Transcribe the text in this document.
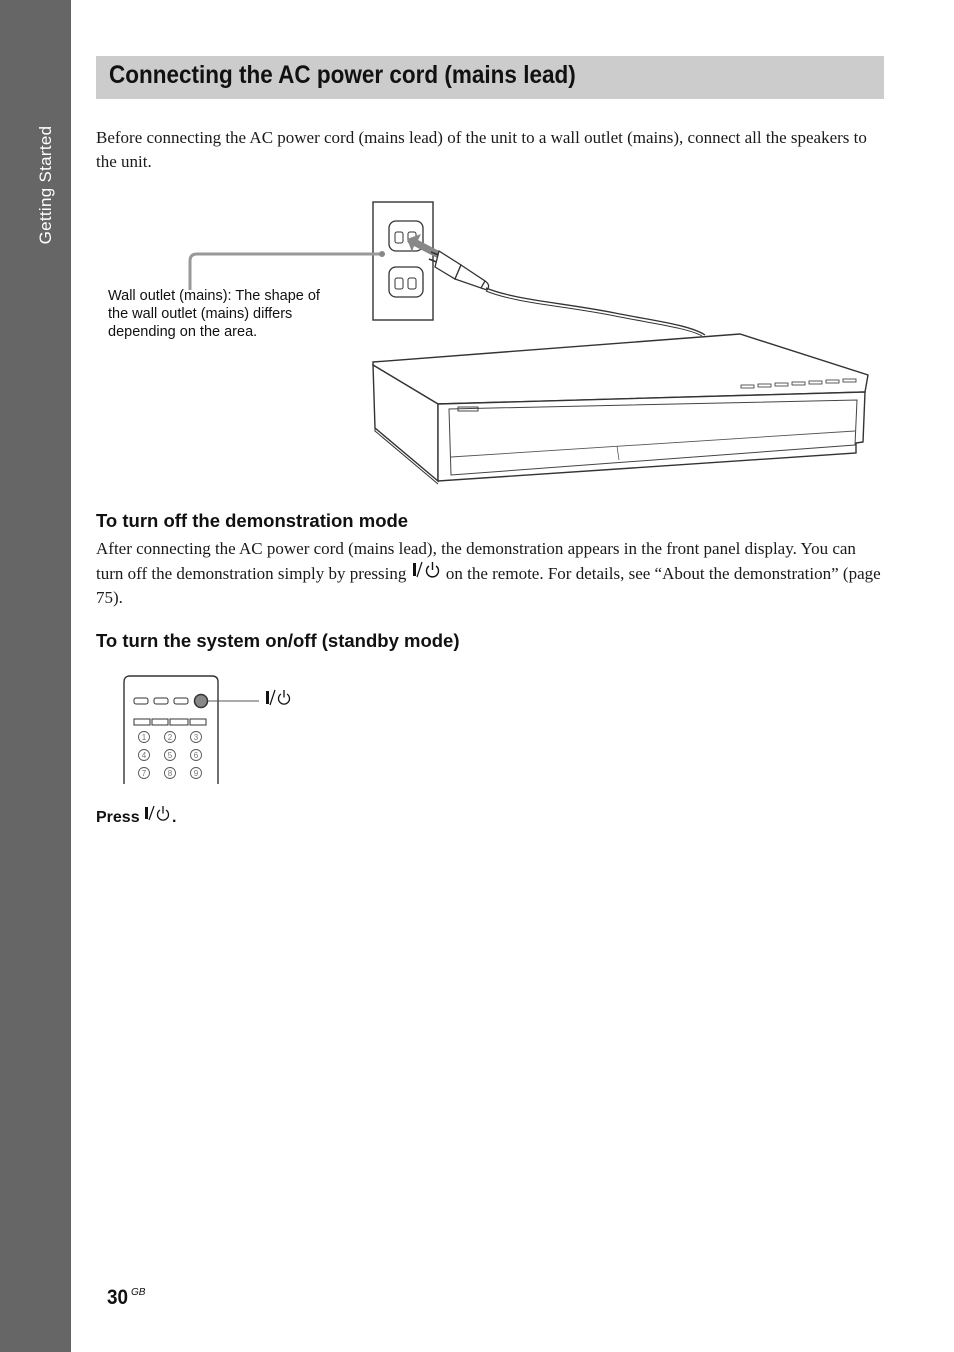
Getting Started
Connecting the AC power cord (mains lead)

Before connecting the AC power cord (mains lead) of the unit to a wall outlet (mains), connect all the speakers to the unit.

Wall outlet (mains): The shape of the wall outlet (mains) differs depending on the area.
To turn off the demonstration mode

After connecting the AC power cord (mains lead), the demonstration appears in the front panel display. You can turn off the demonstration simply by pressing  on the remote. For details, see “About the demonstration” (page 75).

To turn the system on/off (standby mode)
1	2	3
4	5	6
7	8	9
Press .
30 GB
